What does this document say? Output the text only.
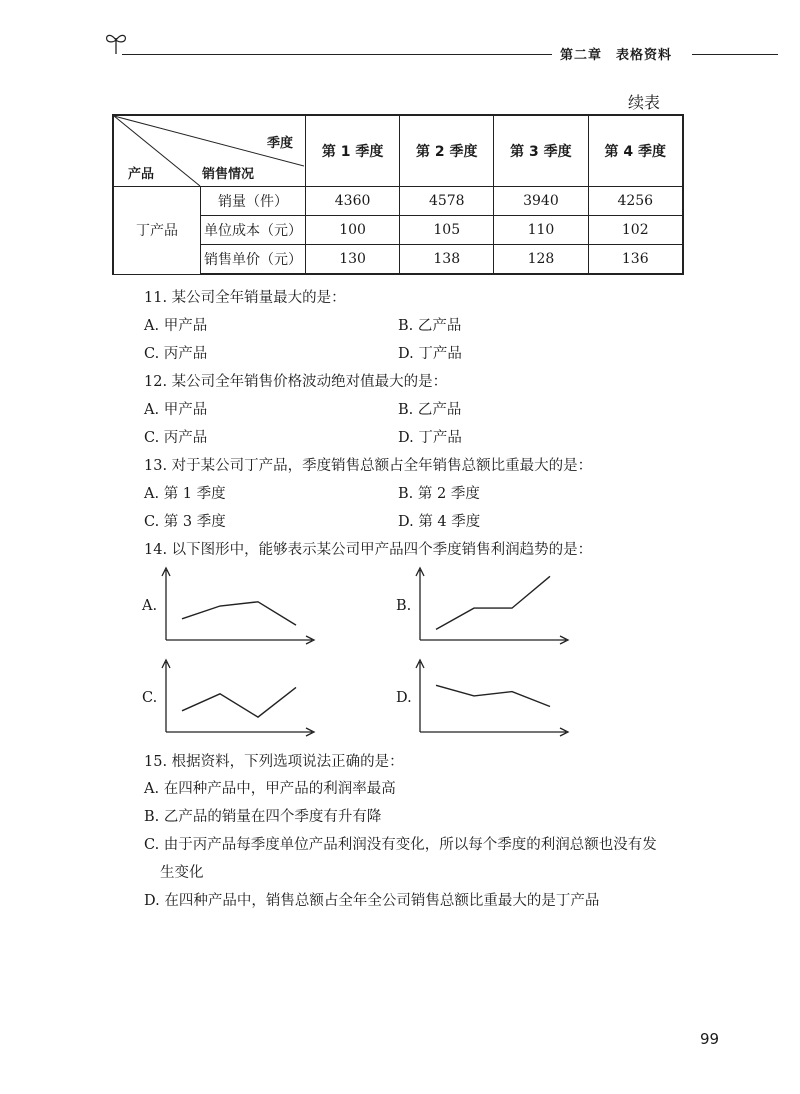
第二章　表格资料
续表
季度
销售情况
产品		第 1 季度	第 2 季度	第 3 季度	第 4 季度
丁产品	销量（件）	4360	4578	3940	4256
	单位成本（元）	100	105	110	102
	销售单价（元）	130	138	128	136
11. 某公司全年销量最大的是：
A. 甲产品	B. 乙产品
C. 丙产品	D. 丁产品
12. 某公司全年销售价格波动绝对值最大的是：
A. 甲产品	B. 乙产品
C. 丙产品	D. 丁产品
13. 对于某公司丁产品，季度销售总额占全年销售总额比重最大的是：
A. 第 1 季度	B. 第 2 季度
C. 第 3 季度	D. 第 4 季度
14. 以下图形中，能够表示某公司甲产品四个季度销售利润趋势的是：
A.	B.
C.	D.
15. 根据资料，下列选项说法正确的是：
A. 在四种产品中，甲产品的利润率最高
B. 乙产品的销量在四个季度有升有降
C. 由于丙产品每季度单位产品利润没有变化，所以每个季度的利润总额也没有发
生变化
D. 在四种产品中，销售总额占全年全公司销售总额比重最大的是丁产品
99
